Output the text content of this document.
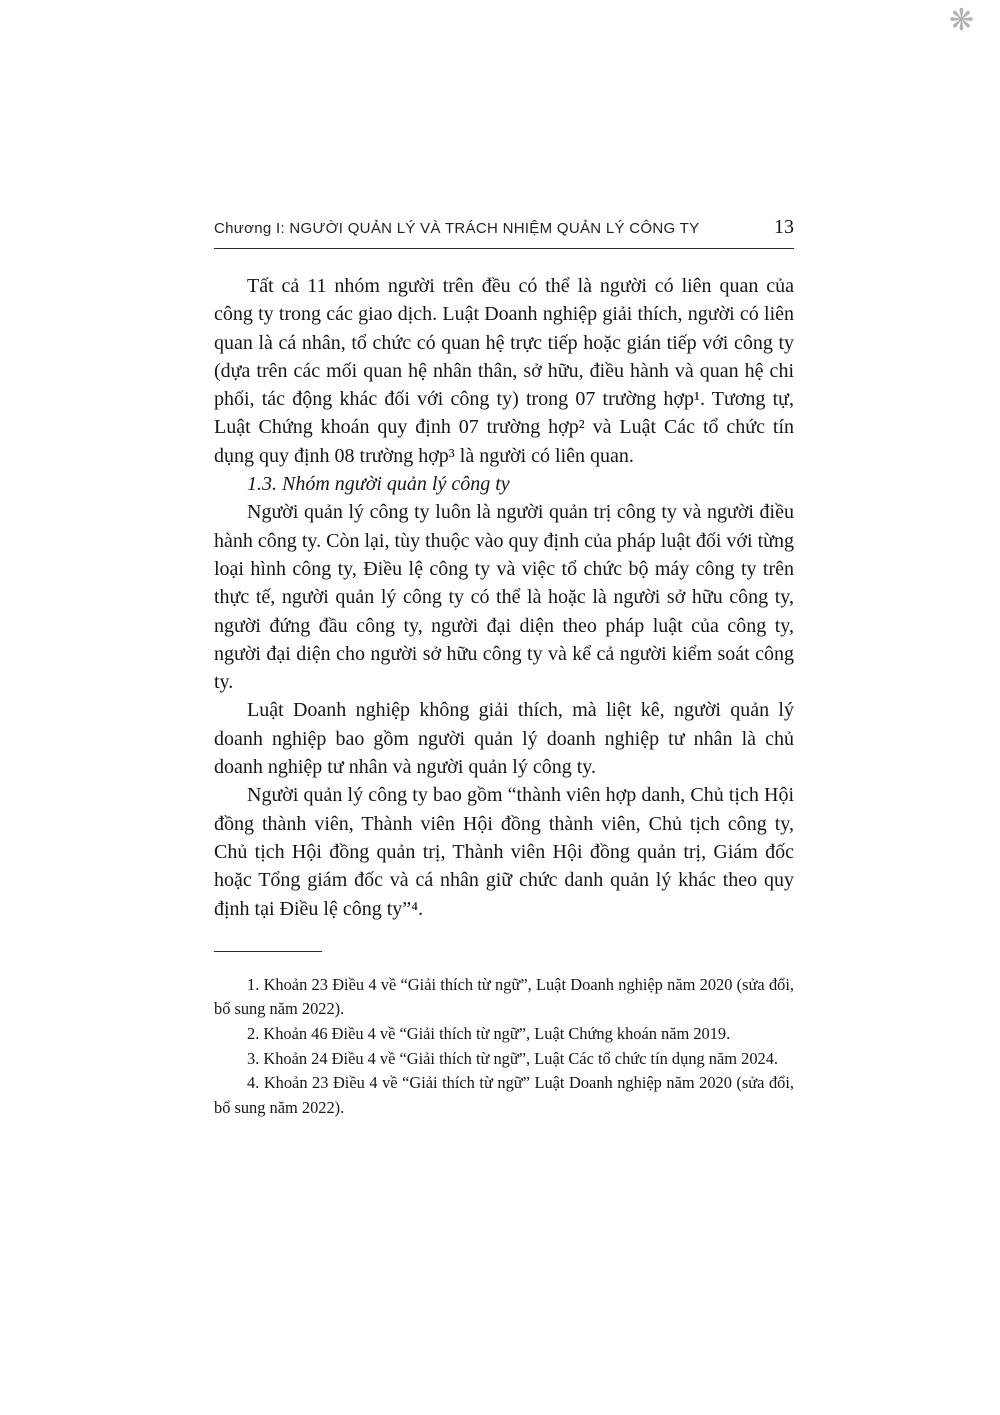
❋
Chương I: NGƯỜI QUẢN LÝ VÀ TRÁCH NHIỆM QUẢN LÝ CÔNG TY	13

Tất cả 11 nhóm người trên đều có thể là người có liên quan của công ty trong các giao dịch. Luật Doanh nghiệp giải thích, người có liên quan là cá nhân, tổ chức có quan hệ trực tiếp hoặc gián tiếp với công ty (dựa trên các mối quan hệ nhân thân, sở hữu, điều hành và quan hệ chi phối, tác động khác đối với công ty) trong 07 trường hợp¹. Tương tự, Luật Chứng khoán quy định 07 trường hợp² và Luật Các tổ chức tín dụng quy định 08 trường hợp³ là người có liên quan.

1.3. Nhóm người quản lý công ty

Người quản lý công ty luôn là người quản trị công ty và người điều hành công ty. Còn lại, tùy thuộc vào quy định của pháp luật đối với từng loại hình công ty, Điều lệ công ty và việc tổ chức bộ máy công ty trên thực tế, người quản lý công ty có thể là hoặc là người sở hữu công ty, người đứng đầu công ty, người đại diện theo pháp luật của công ty, người đại diện cho người sở hữu công ty và kể cả người kiểm soát công ty.

Luật Doanh nghiệp không giải thích, mà liệt kê, người quản lý doanh nghiệp bao gồm người quản lý doanh nghiệp tư nhân là chủ doanh nghiệp tư nhân và người quản lý công ty.

Người quản lý công ty bao gồm “thành viên hợp danh, Chủ tịch Hội đồng thành viên, Thành viên Hội đồng thành viên, Chủ tịch công ty, Chủ tịch Hội đồng quản trị, Thành viên Hội đồng quản trị, Giám đốc hoặc Tổng giám đốc và cá nhân giữ chức danh quản lý khác theo quy định tại Điều lệ công ty”⁴.

1. Khoản 23 Điều 4 về “Giải thích từ ngữ”, Luật Doanh nghiệp năm 2020 (sửa đổi, bổ sung năm 2022).

2. Khoản 46 Điều 4 về “Giải thích từ ngữ”, Luật Chứng khoán năm 2019.

3. Khoản 24 Điều 4 về “Giải thích từ ngữ”, Luật Các tổ chức tín dụng năm 2024.

4. Khoản 23 Điều 4 về “Giải thích từ ngữ” Luật Doanh nghiệp năm 2020 (sửa đổi, bổ sung năm 2022).
